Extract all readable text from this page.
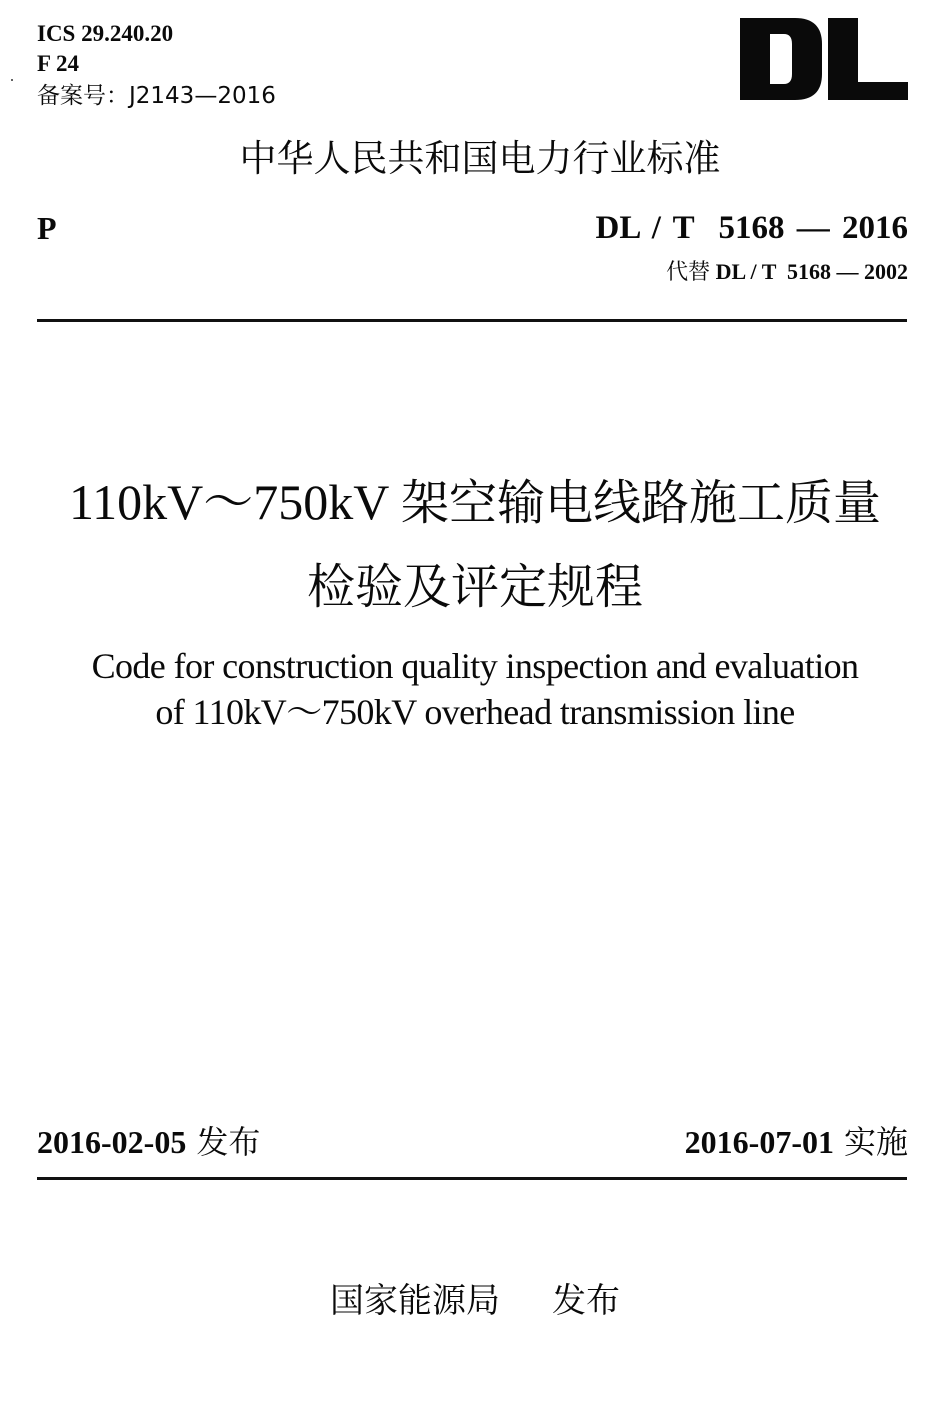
ICS 29.240.20
F 24
备案号：J2143—2016
中华人民共和国电力行业标准
P	DL / T  5168 — 2016
代替 DL / T  5168 — 2002
110kV～750kV 架空输电线路施工质量
检验及评定规程
Code for construction quality inspection and evaluation
of 110kV～750kV overhead transmission line
2016-02-05 发布	2016-07-01 实施
国家能源局 发布
